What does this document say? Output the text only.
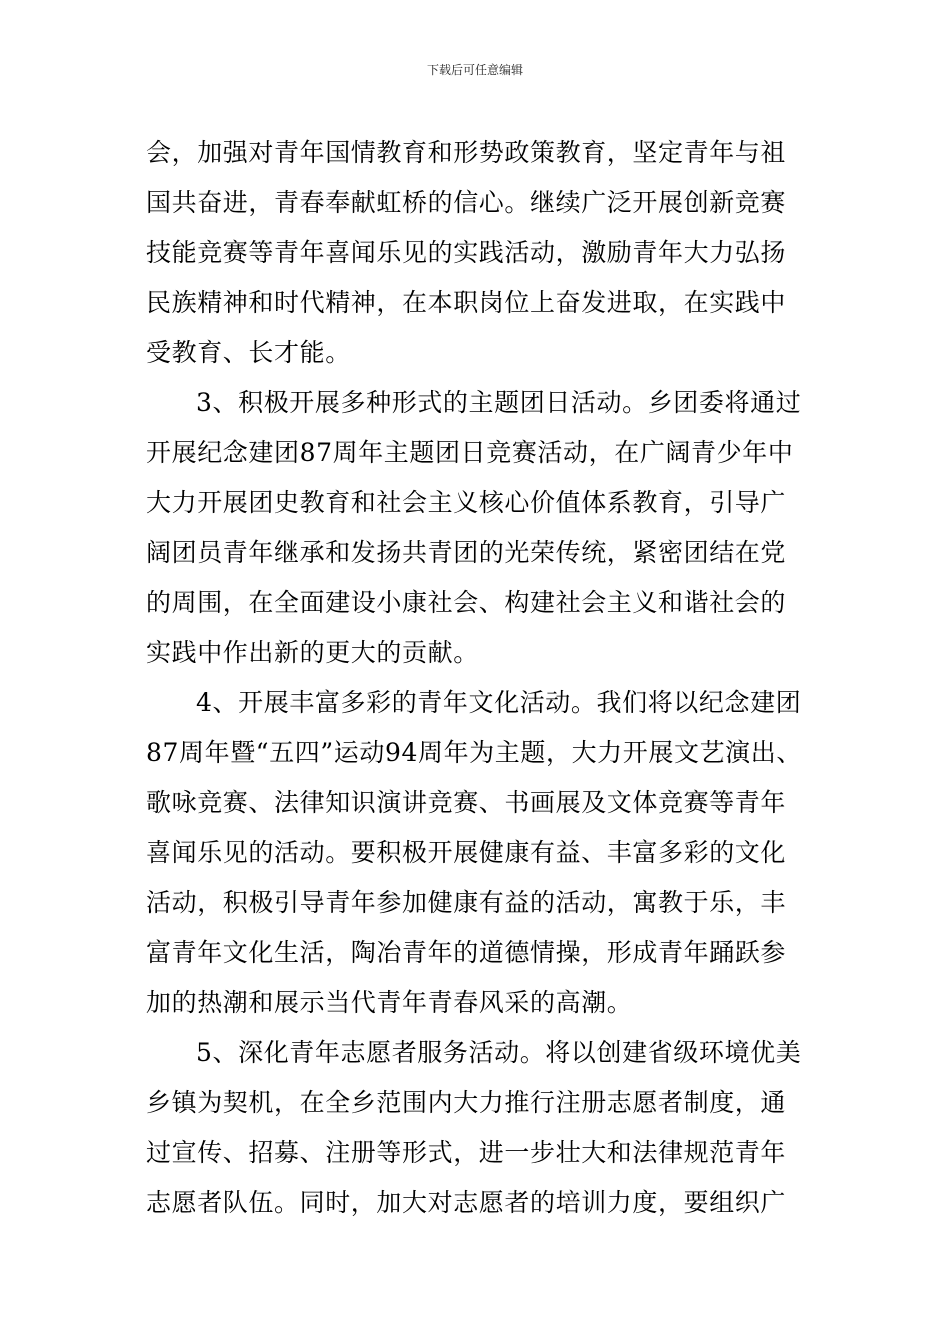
下载后可任意编辑
会，加强对青年国情教育和形势政策教育，坚定青年与祖
国共奋进，青春奉献虹桥的信心。继续广泛开展创新竞赛
技能竞赛等青年喜闻乐见的实践活动，激励青年大力弘扬
民族精神和时代精神，在本职岗位上奋发进取，在实践中
受教育、长才能。
3、积极开展多种形式的主题团日活动。乡团委将通过
开展纪念建团87周年主题团日竞赛活动，在广阔青少年中
大力开展团史教育和社会主义核心价值体系教育，引导广
阔团员青年继承和发扬共青团的光荣传统，紧密团结在党
的周围，在全面建设小康社会、构建社会主义和谐社会的
实践中作出新的更大的贡献。
4、开展丰富多彩的青年文化活动。我们将以纪念建团
87周年暨“五四”运动94周年为主题，大力开展文艺演出、
歌咏竞赛、法律知识演讲竞赛、书画展及文体竞赛等青年
喜闻乐见的活动。要积极开展健康有益、丰富多彩的文化
活动，积极引导青年参加健康有益的活动，寓教于乐，丰
富青年文化生活，陶冶青年的道德情操，形成青年踊跃参
加的热潮和展示当代青年青春风采的高潮。
5、深化青年志愿者服务活动。将以创建省级环境优美
乡镇为契机，在全乡范围内大力推行注册志愿者制度，通
过宣传、招募、注册等形式，进一步壮大和法律规范青年
志愿者队伍。同时，加大对志愿者的培训力度，要组织广
